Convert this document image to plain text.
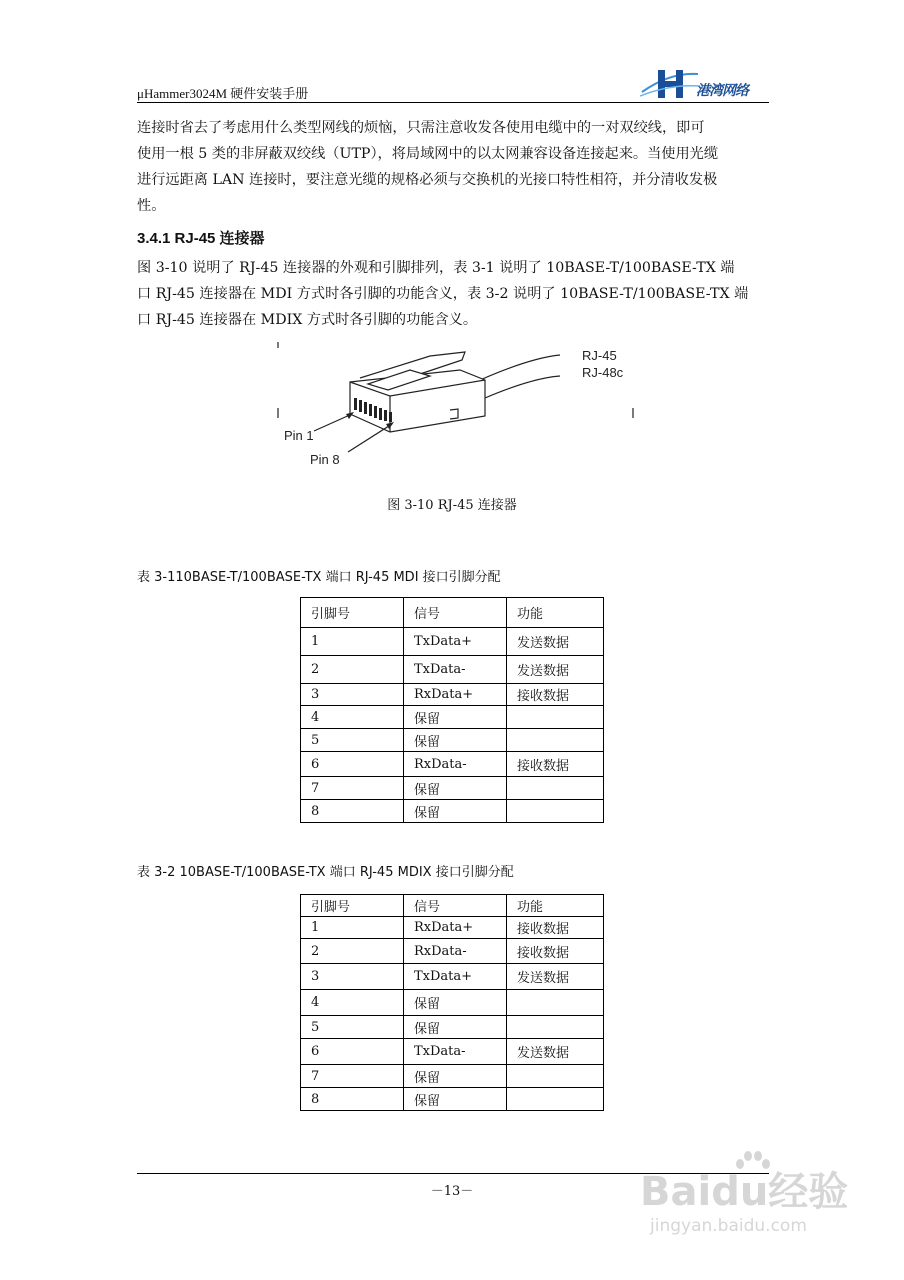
μHammer3024M 硬件安装手册	港湾网络
连接时省去了考虑用什么类型网线的烦恼，只需注意收发各使用电缆中的一对双绞线，即可
使用一根 5 类的非屏蔽双绞线（UTP），将局域网中的以太网兼容设备连接起来。当使用光缆
进行远距离 LAN 连接时，要注意光缆的规格必须与交换机的光接口特性相符，并分清收发极
性。
3.4.1 RJ-45 连接器
图 3-10 说明了 RJ-45 连接器的外观和引脚排列，表 3-1 说明了 10BASE-T/100BASE-TX 端
口 RJ-45 连接器在 MDI 方式时各引脚的功能含义，表 3-2 说明了 10BASE-T/100BASE-TX 端
口 RJ-45 连接器在 MDIX 方式时各引脚的功能含义。
RJ-45
RJ-48c
Pin 1
Pin 8
图 3-10 RJ-45 连接器
表 3-110BASE-T/100BASE-TX 端口 RJ-45 MDI 接口引脚分配
引脚号	信号	功能
1	TxData+	发送数据
2	TxData-	发送数据
3	RxData+	接收数据
4	保留	
5	保留	
6	RxData-	接收数据
7	保留	
8	保留	
表 3-2 10BASE-T/100BASE-TX 端口 RJ-45 MDIX 接口引脚分配
引脚号	信号	功能
1	RxData+	接收数据
2	RxData-	接收数据
3	TxData+	发送数据
4	保留	
5	保留	
6	TxData-	发送数据
7	保留	
8	保留	
－13－	Baidu经验
jingyan.baidu.com
